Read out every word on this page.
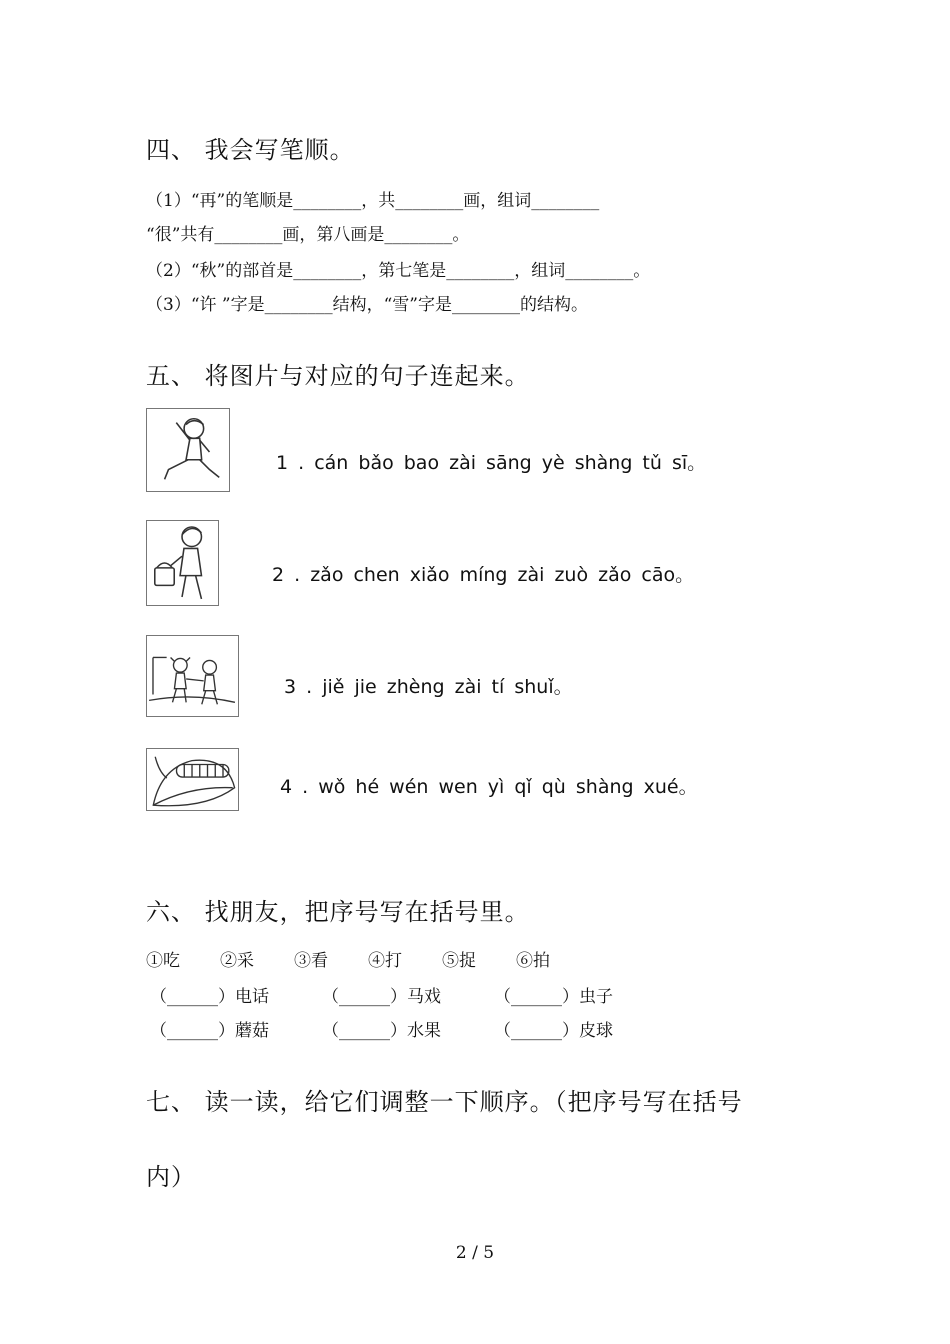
四、 我会写笔顺。
（1）“再”的笔顺是________，共________画，组词________
“很”共有________画，第八画是________。
（2）“秋”的部首是________，第七笔是________，组词________。
（3）“许 ”字是________结构，“雪”字是________的结构。
五、 将图片与对应的句子连起来。
1 . cán bǎo bao zài sāng yè shàng tǔ sī。
2 . zǎo chen xiǎo míng zài zuò zǎo cāo。
3 . jiě jie zhèng zài tí shuǐ。
4 . wǒ hé wén wen yì qǐ qù shàng xué。
六、 找朋友，把序号写在括号里。
①吃 ②采 ③看 ④打 ⑤捉 ⑥拍
（______）电话	（______）马戏	（______）虫子
（______）蘑菇	（______）水果	（______）皮球
七、 读一读，给它们调整一下顺序。（把序号写在括号
内）
2 / 5
